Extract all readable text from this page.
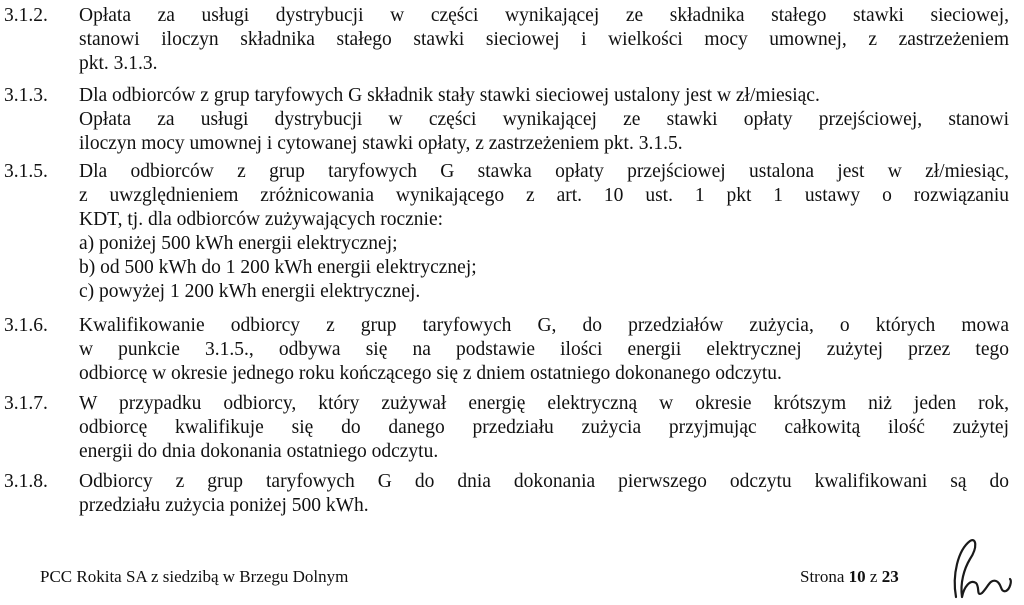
3.1.2. Opłata za usługi dystrybucji w części wynikającej ze składnika stałego stawki sieciowej,
stanowi iloczyn składnika stałego stawki sieciowej i wielkości mocy umownej, z zastrzeżeniem
pkt. 3.1.3.
3.1.3. Dla odbiorców z grup taryfowych G składnik stały stawki sieciowej ustalony jest w zł/miesiąc.
Opłata za usługi dystrybucji w części wynikającej ze stawki opłaty przejściowej, stanowi
iloczyn mocy umownej i cytowanej stawki opłaty, z zastrzeżeniem pkt. 3.1.5.
3.1.5. Dla odbiorców z grup taryfowych G stawka opłaty przejściowej ustalona jest w zł/miesiąc,
z uwzględnieniem zróżnicowania wynikającego z art. 10 ust. 1 pkt 1 ustawy o rozwiązaniu
KDT, tj. dla odbiorców zużywających rocznie:
a) poniżej 500 kWh energii elektrycznej;
b) od 500 kWh do 1 200 kWh energii elektrycznej;
c) powyżej 1 200 kWh energii elektrycznej.
3.1.6. Kwalifikowanie odbiorcy z grup taryfowych G, do przedziałów zużycia, o których mowa
w punkcie 3.1.5., odbywa się na podstawie ilości energii elektrycznej zużytej przez tego
odbiorcę w okresie jednego roku kończącego się z dniem ostatniego dokonanego odczytu.
3.1.7. W przypadku odbiorcy, który zużywał energię elektryczną w okresie krótszym niż jeden rok,
odbiorcę kwalifikuje się do danego przedziału zużycia przyjmując całkowitą ilość zużytej
energii do dnia dokonania ostatniego odczytu.
3.1.8. Odbiorcy z grup taryfowych G do dnia dokonania pierwszego odczytu kwalifikowani są do
przedziału zużycia poniżej 500 kWh.
PCC Rokita SA z siedzibą w Brzegu Dolnym	Strona 10 z 23
